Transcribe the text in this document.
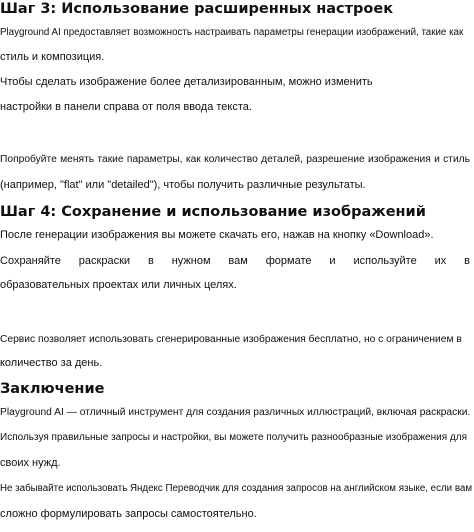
Шаг 3: Использование расширенных настроек

Playground AI предоставляет возможность настраивать параметры генерации изображений, такие как

стиль и композиция.

Чтобы сделать изображение более детализированным, можно изменить

настройки в панели справа от поля ввода текста.

Попробуйте менять такие параметры, как количество деталей, разрешение изображения и стиль

(например, "flat" или "detailed"), чтобы получить различные результаты.

Шаг 4: Сохранение и использование изображений

После генерации изображения вы можете скачать его, нажав на кнопку «Download».

Сохраняйте раскраски в нужном вам формате и используйте их в

образовательных проектах или личных целях.

Сервис позволяет использовать сгенерированные изображения бесплатно, но с ограничением в

количество за день.

Заключение

Playground AI — отличный инструмент для создания различных иллюстраций, включая раскраски.

Используя правильные запросы и настройки, вы можете получить разнообразные изображения для

своих нужд.

Не забывайте использовать Яндекс Переводчик для создания запросов на английском языке, если вам

сложно формулировать запросы самостоятельно.
